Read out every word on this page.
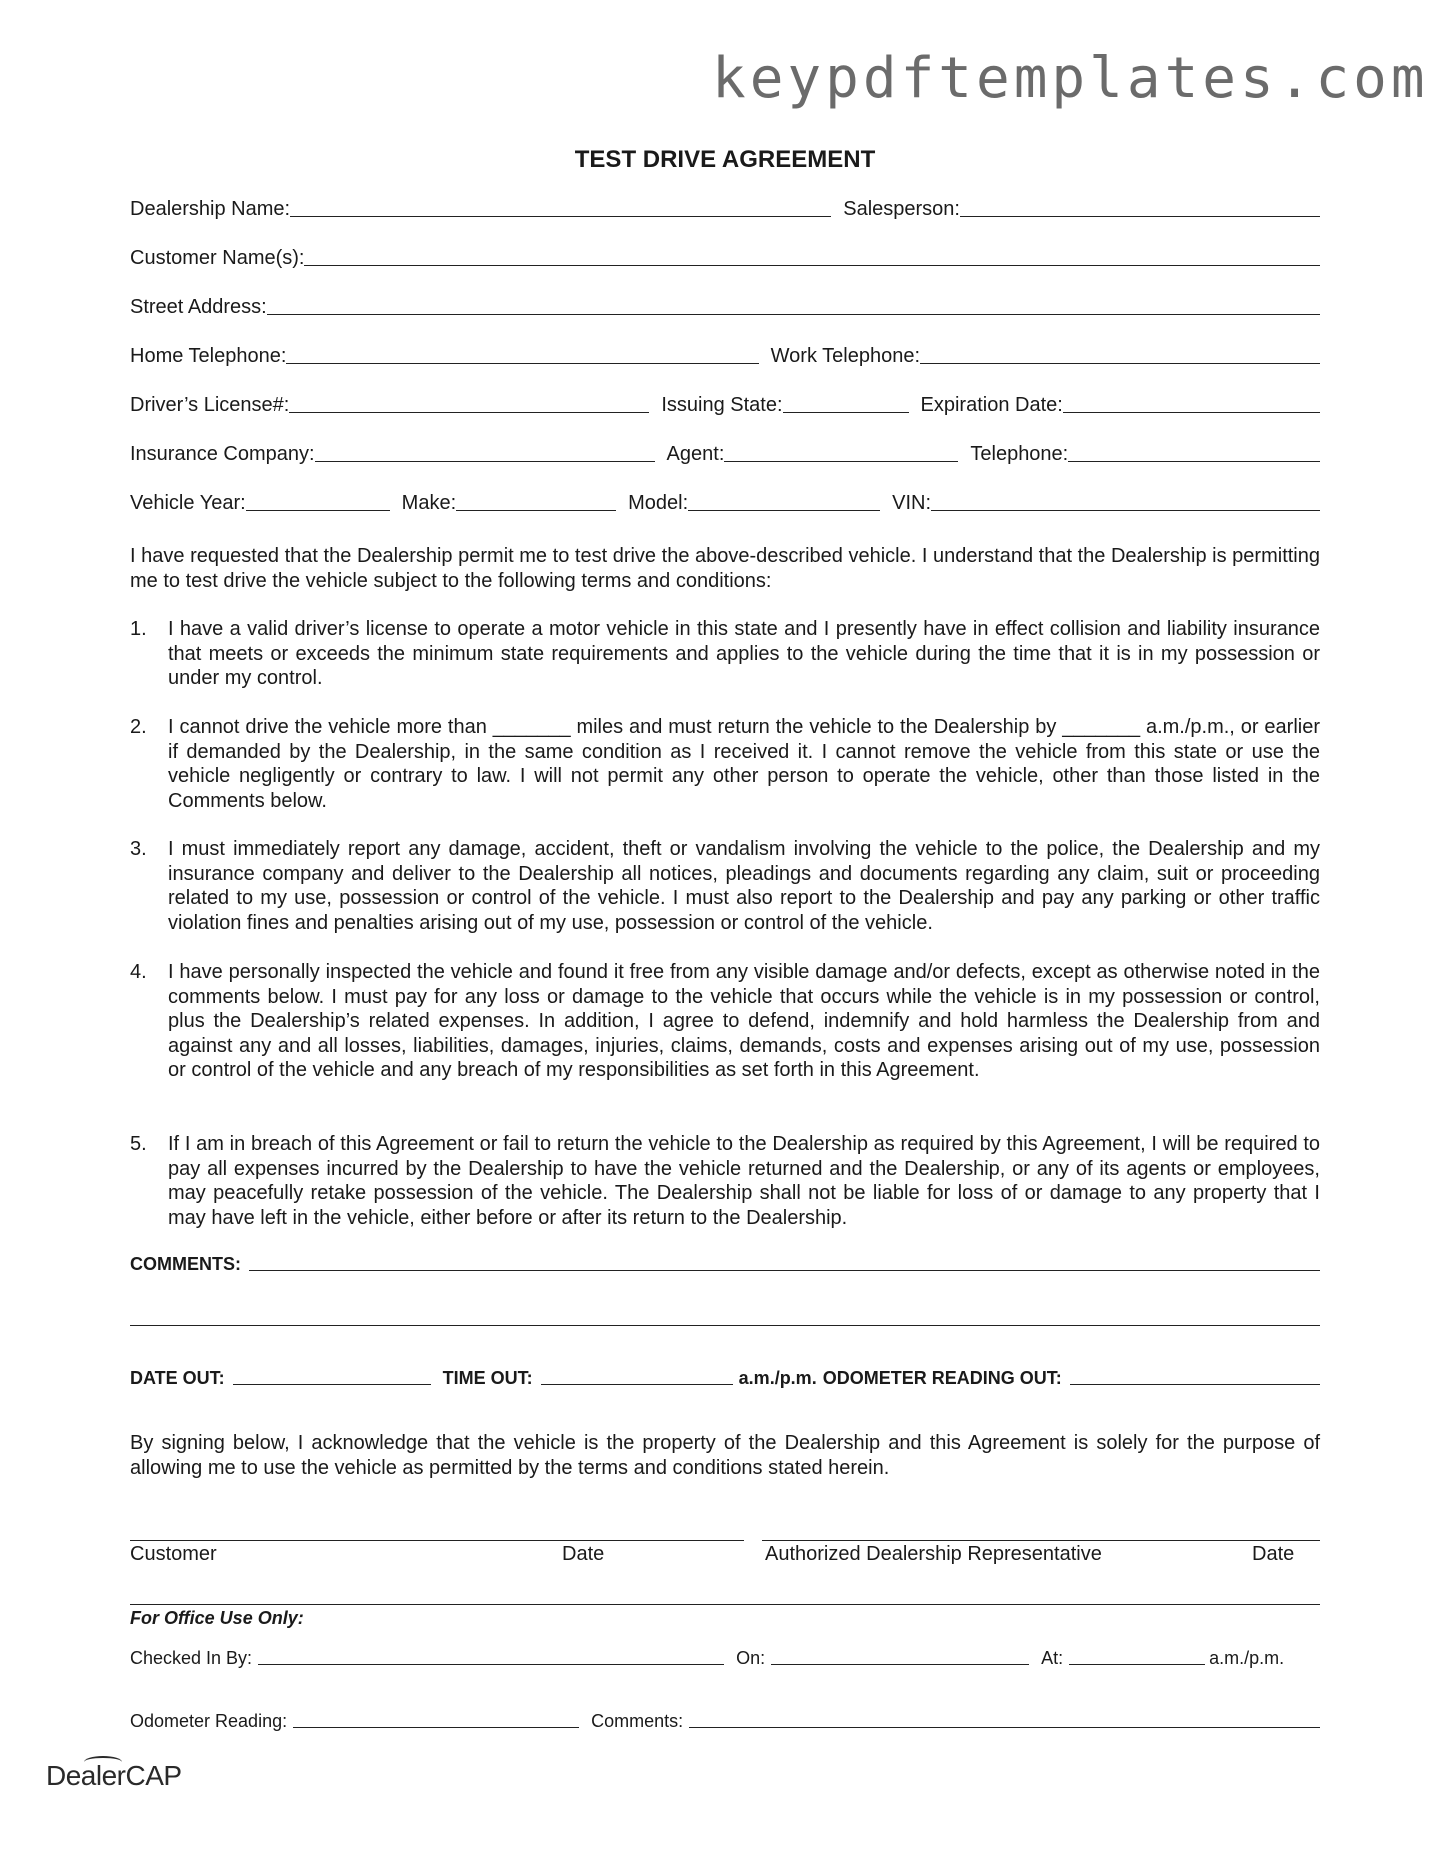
keypdftemplates.com
TEST DRIVE AGREEMENT
Dealership Name:	Salesperson:
Customer Name(s):
Street Address:
Home Telephone:	Work Telephone:
Driver’s License#:	Issuing State:	Expiration Date:
Insurance Company:	Agent:	Telephone:
Vehicle Year:	Make:	Model:	VIN:
I have requested that the Dealership permit me to test drive the above-described vehicle. I understand that the Dealership is permitting me to test drive the vehicle subject to the following terms and conditions:
1. I have a valid driver’s license to operate a motor vehicle in this state and I presently have in effect collision and liability insurance that meets or exceeds the minimum state requirements and applies to the vehicle during the time that it is in my possession or under my control.
2. I cannot drive the vehicle more than _______ miles and must return the vehicle to the Dealership by _______ a.m./p.m., or earlier if demanded by the Dealership, in the same condition as I received it. I cannot remove the vehicle from this state or use the vehicle negligently or contrary to law. I will not permit any other person to operate the vehicle, other than those listed in the Comments below.
3. I must immediately report any damage, accident, theft or vandalism involving the vehicle to the police, the Dealership and my insurance company and deliver to the Dealership all notices, pleadings and documents regarding any claim, suit or proceeding related to my use, possession or control of the vehicle. I must also report to the Dealership and pay any parking or other traffic violation fines and penalties arising out of my use, possession or control of the vehicle.
4. I have personally inspected the vehicle and found it free from any visible damage and/or defects, except as otherwise noted in the comments below. I must pay for any loss or damage to the vehicle that occurs while the vehicle is in my possession or control, plus the Dealership’s related expenses. In addition, I agree to defend, indemnify and hold harmless the Dealership from and against any and all losses, liabilities, damages, injuries, claims, demands, costs and expenses arising out of my use, possession or control of the vehicle and any breach of my responsibilities as set forth in this Agreement.
5. If I am in breach of this Agreement or fail to return the vehicle to the Dealership as required by this Agreement, I will be required to pay all expenses incurred by the Dealership to have the vehicle returned and the Dealership, or any of its agents or employees, may peacefully retake possession of the vehicle. The Dealership shall not be liable for loss of or damage to any property that I may have left in the vehicle, either before or after its return to the Dealership.
COMMENTS:
DATE OUT:	TIME OUT:	a.m./p.m. ODOMETER READING OUT:
By signing below, I acknowledge that the vehicle is the property of the Dealership and this Agreement is solely for the purpose of allowing me to use the vehicle as permitted by the terms and conditions stated herein.
Customer	Date	Authorized Dealership Representative	Date
For Office Use Only:
Checked In By:	On:	At:	a.m./p.m.
Odometer Reading:	Comments:
DealerCAP
